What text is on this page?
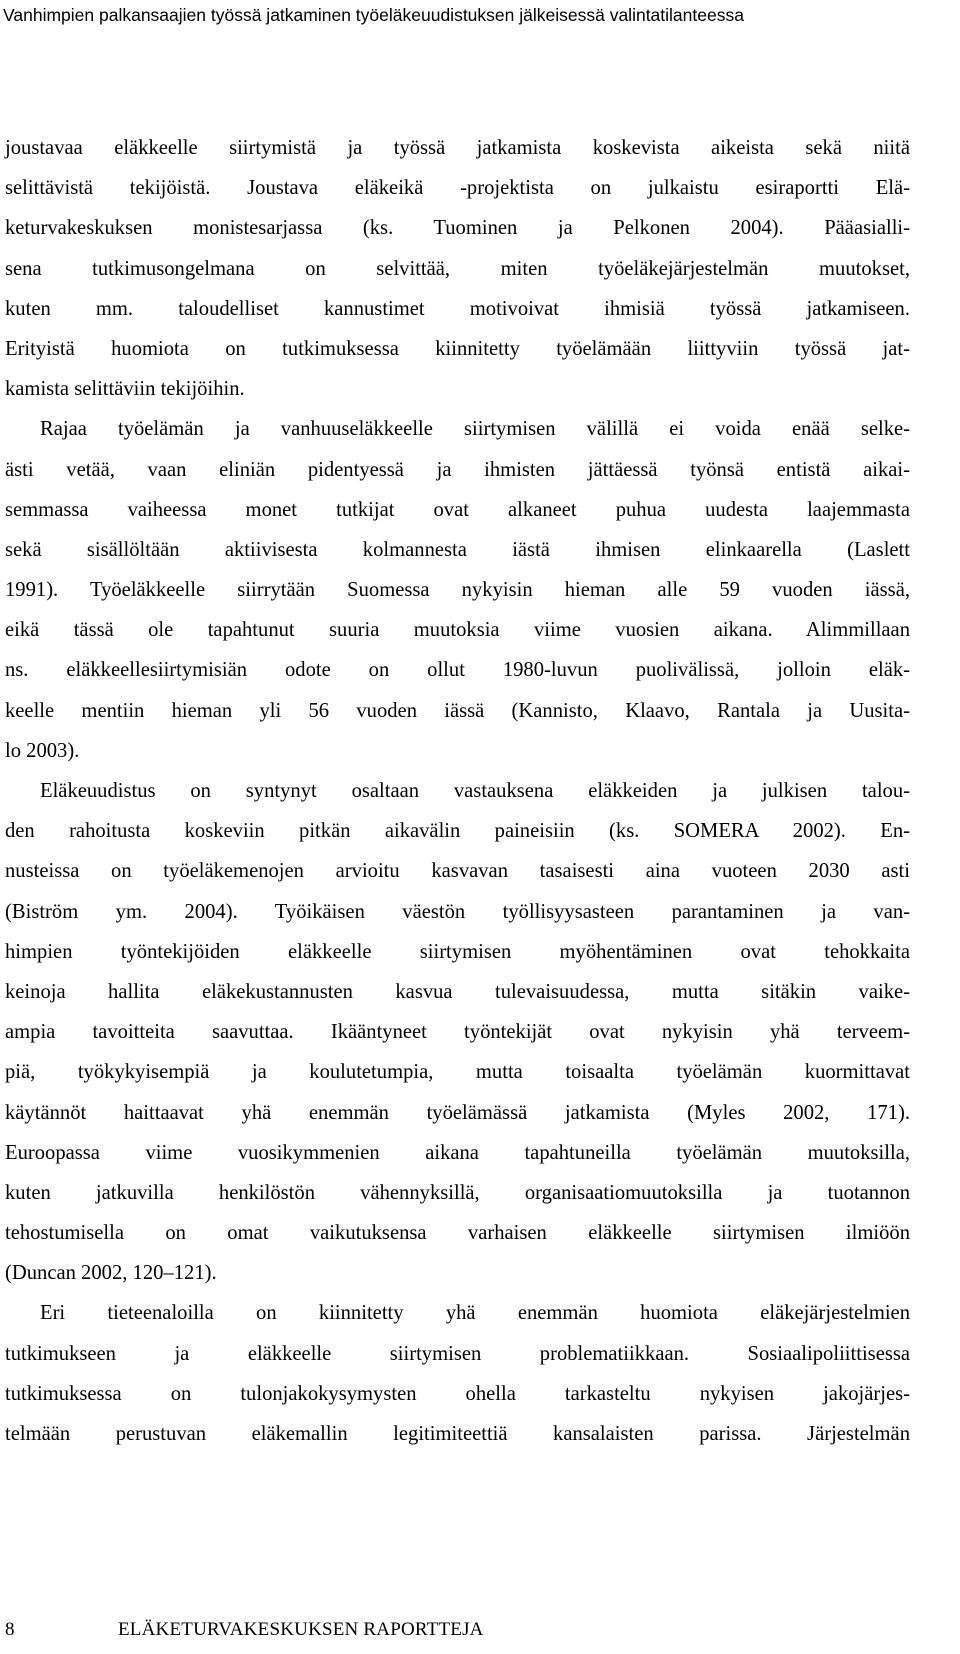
Vanhimpien palkansaajien työssä jatkaminen työeläkeuudistuksen jälkeisessä valintatilanteessa
joustavaa eläkkeelle siirtymistä ja työssä jatkamista koskevista aikeista sekä niitä
selittävistä tekijöistä. Joustava eläkeikä -projektista on julkaistu esiraportti Elä-
keturvakeskuksen monistesarjassa (ks. Tuominen ja Pelkonen 2004). Pääasialli-
sena tutkimusongelmana on selvittää, miten työeläkejärjestelmän muutokset,
kuten mm. taloudelliset kannustimet motivoivat ihmisiä työssä jatkamiseen.
Erityistä huomiota on tutkimuksessa kiinnitetty työelämään liittyviin työssä jat-
kamista selittäviin tekijöihin.
Rajaa työelämän ja vanhuuseläkkeelle siirtymisen välillä ei voida enää selke-
ästi vetää, vaan eliniän pidentyessä ja ihmisten jättäessä työnsä entistä aikai-
semmassa vaiheessa monet tutkijat ovat alkaneet puhua uudesta laajemmasta
sekä sisällöltään aktiivisesta kolmannesta iästä ihmisen elinkaarella (Laslett
1991). Työeläkkeelle siirrytään Suomessa nykyisin hieman alle 59 vuoden iässä,
eikä tässä ole tapahtunut suuria muutoksia viime vuosien aikana. Alimmillaan
ns. eläkkeellesiirtymisiän odote on ollut 1980-luvun puolivälissä, jolloin eläk-
keelle mentiin hieman yli 56 vuoden iässä (Kannisto, Klaavo, Rantala ja Uusita-
lo 2003).
Eläkeuudistus on syntynyt osaltaan vastauksena eläkkeiden ja julkisen talou-
den rahoitusta koskeviin pitkän aikavälin paineisiin (ks. SOMERA 2002). En-
nusteissa on työeläkemenojen arvioitu kasvavan tasaisesti aina vuoteen 2030 asti
(Biström ym. 2004). Työikäisen väestön työllisyysasteen parantaminen ja van-
himpien työntekijöiden eläkkeelle siirtymisen myöhentäminen ovat tehokkaita
keinoja hallita eläkekustannusten kasvua tulevaisuudessa, mutta sitäkin vaike-
ampia tavoitteita saavuttaa. Ikääntyneet työntekijät ovat nykyisin yhä terveem-
piä, työkykyisempiä ja koulutetumpia, mutta toisaalta työelämän kuormittavat
käytännöt haittaavat yhä enemmän työelämässä jatkamista (Myles 2002, 171).
Euroopassa viime vuosikymmenien aikana tapahtuneilla työelämän muutoksilla,
kuten jatkuvilla henkilöstön vähennyksillä, organisaatiomuutoksilla ja tuotannon
tehostumisella on omat vaikutuksensa varhaisen eläkkeelle siirtymisen ilmiöön
(Duncan 2002, 120–121).
Eri tieteenaloilla on kiinnitetty yhä enemmän huomiota eläkejärjestelmien
tutkimukseen ja eläkkeelle siirtymisen problematiikkaan. Sosiaalipoliittisessa
tutkimuksessa on tulonjakokysymysten ohella tarkasteltu nykyisen jakojärjes-
telmään perustuvan eläkemallin legitimiteettiä kansalaisten parissa. Järjestelmän
8	ELÄKETURVAKESKUKSEN RAPORTTEJA
